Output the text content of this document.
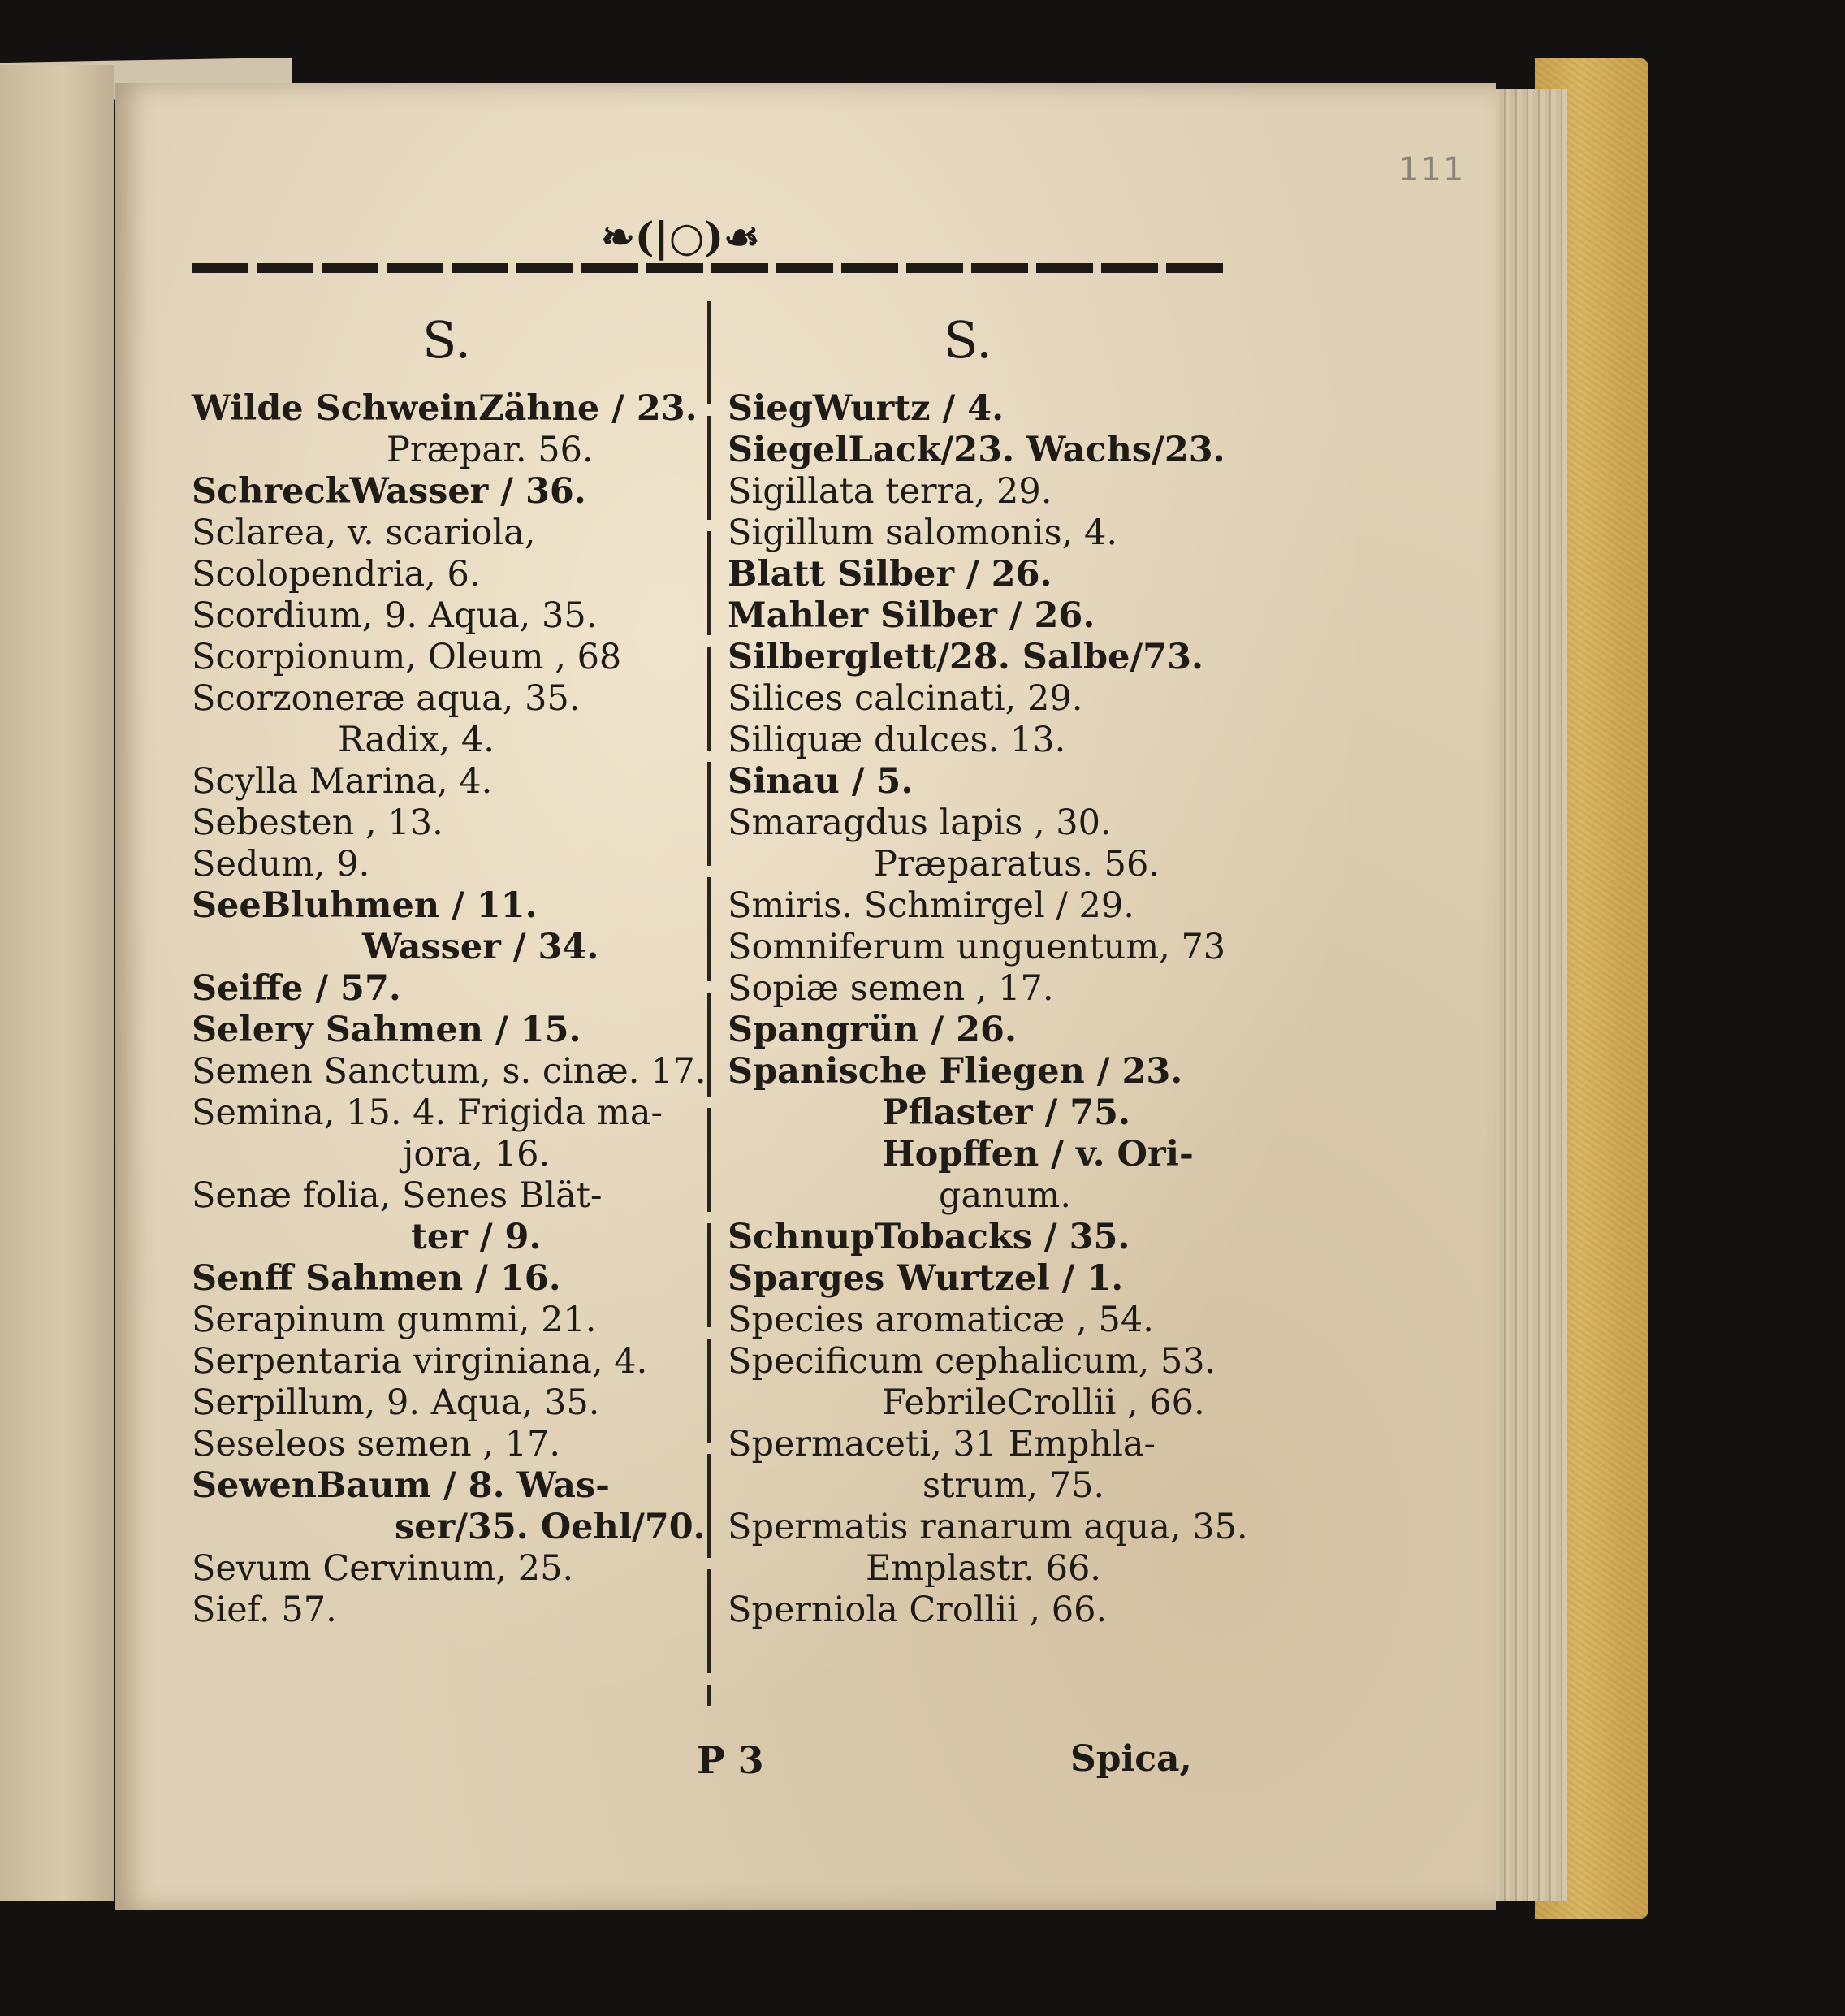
111
❧(|○)☙
S.	S.
Wilde SchweinZähne / 23.
Præpar. 56.
SchreckWasser / 36.
Sclarea, v. scariola,
Scolopendria, 6.
Scordium, 9. Aqua, 35.
Scorpionum, Oleum , 68
Scorzoneræ aqua, 35.
Radix, 4.
Scylla Marina, 4.
Sebesten , 13.
Sedum, 9.
SeeBluhmen / 11.
Wasser / 34.
Seiffe / 57.
Selery Sahmen / 15.
Semen Sanctum, s. cinæ. 17.
Semina, 15. 4. Frigida ma-
jora, 16.
Senæ folia, Senes Blät-
ter / 9.
Senff Sahmen / 16.
Serapinum gummi, 21.
Serpentaria virginiana, 4.
Serpillum, 9. Aqua, 35.
Seseleos semen , 17.
SewenBaum / 8. Was-
ser/35. Oehl/70.
Sevum Cervinum, 25.
Sief. 57.
SiegWurtz / 4.
SiegelLack/23. Wachs/23.
Sigillata terra, 29.
Sigillum salomonis, 4.
Blatt Silber / 26.
Mahler Silber / 26.
Silberglett/28. Salbe/73.
Silices calcinati, 29.
Siliquæ dulces. 13.
Sinau / 5.
Smaragdus lapis , 30.
Præparatus. 56.
Smiris. Schmirgel / 29.
Somniferum unguentum, 73
Sopiæ semen , 17.
Spangrün / 26.
Spanische Fliegen / 23.
Pflaster / 75.
Hopffen / v. Ori-
ganum.
SchnupTobacks / 35.
Sparges Wurtzel / 1.
Species aromaticæ , 54.
Specificum cephalicum, 53.
FebrileCrollii , 66.
Spermaceti, 31 Emphla-
strum, 75.
Spermatis ranarum aqua, 35.
Emplastr. 66.
Sperniola Crollii , 66.
P 3	Spica,
